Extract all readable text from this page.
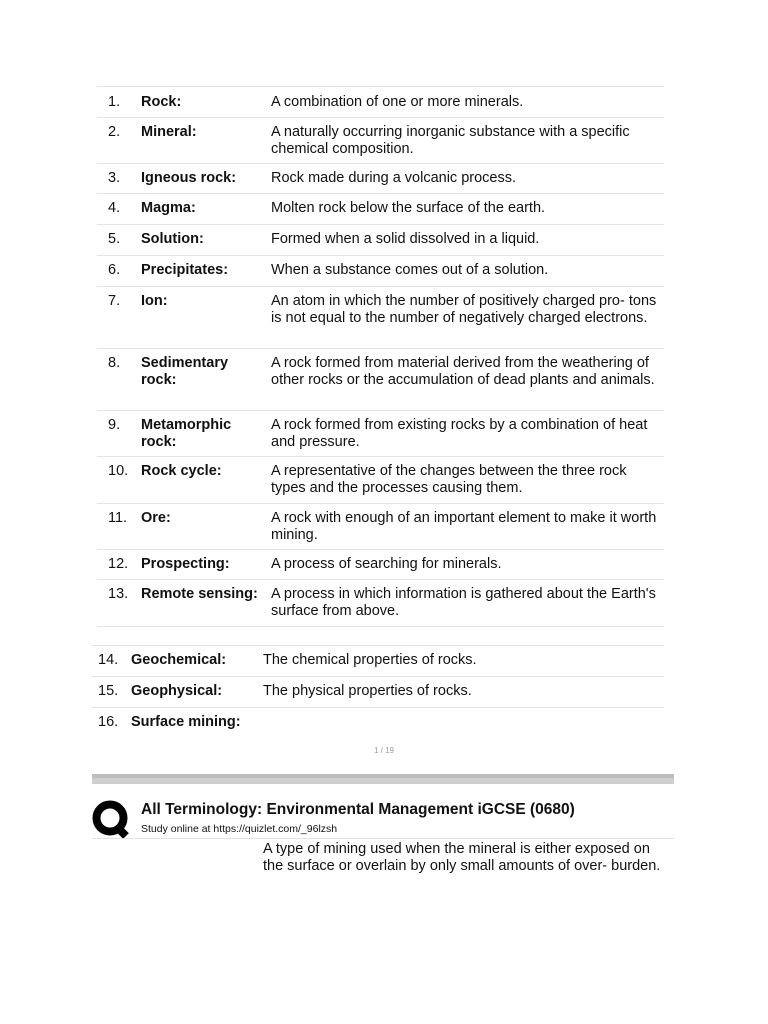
1. Rock:	A combination of one or more minerals.
2. Mineral:	A naturally occurring inorganic substance with a specific chemical composition.
3. Igneous rock:	Rock made during a volcanic process.
4. Magma:	Molten rock below the surface of the earth.
5. Solution:	Formed when a solid dissolved in a liquid.
6. Precipitates:	When a substance comes out of a solution.
7. Ion:	An atom in which the number of positively charged pro- tons is not equal to the number of negatively charged electrons.
8. Sedimentary rock:
A rock formed from material derived from the weathering of other rocks or the accumulation of dead plants and animals.
9. Metamorphic rock:
A rock formed from existing rocks by a combination of heat and pressure.
10. Rock cycle:	A representative of the changes between the three rock types and the processes causing them.
11. Ore:	A rock with enough of an important element to make it worth mining.
12. Prospecting:	A process of searching for minerals.
13. Remote sensing: A process in which information is gathered about the Earth's surface from above.
14. Geochemical:	The chemical properties of rocks.
15. Geophysical:	The physical properties of rocks.
16. Surface mining:
1 / 19
All Terminology: Environmental Management iGCSE (0680)
Study online at https://quizlet.com/_96lzsh
A type of mining used when the mineral is either exposed on the surface or overlain by only small amounts of over- burden.
